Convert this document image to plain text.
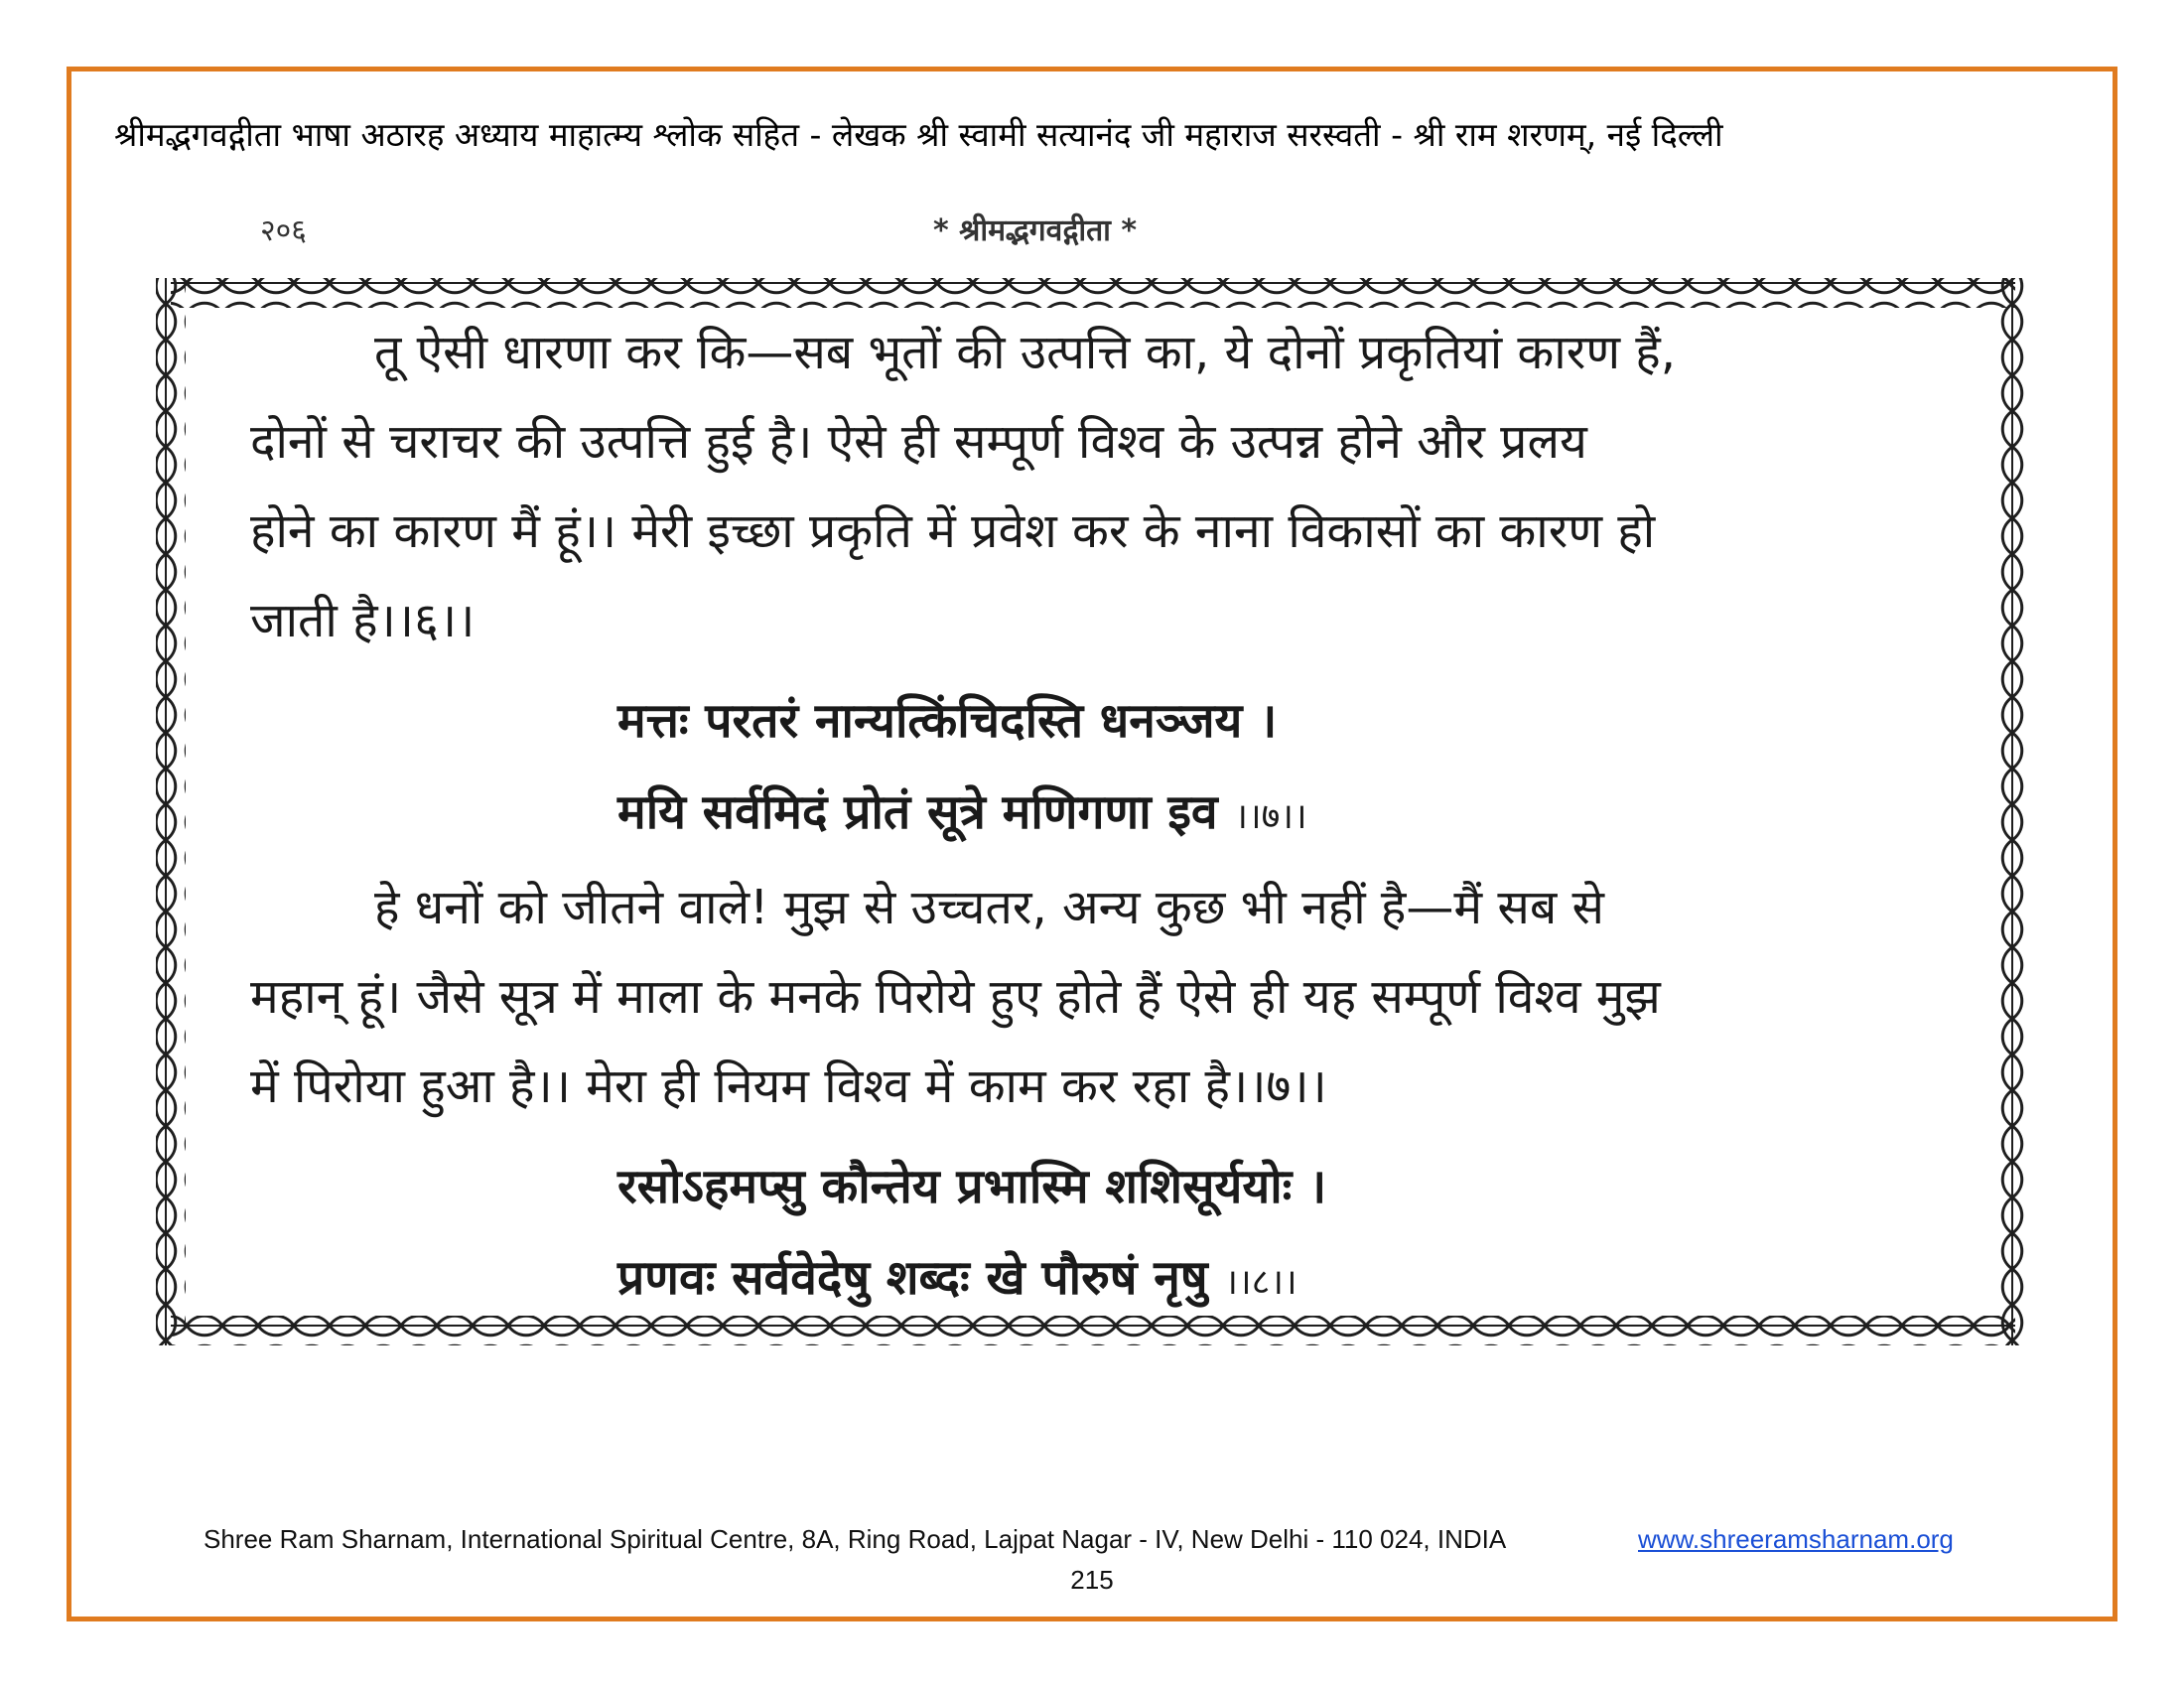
श्रीमद्भगवद्गीता भाषा अठारह अध्याय माहात्म्य श्लोक सहित - लेखक श्री स्वामी सत्यानंद जी महाराज सरस्वती - श्री राम शरणम्, नई दिल्ली
२०६	* श्रीमद्भगवद्गीता *

तू ऐसी धारणा कर कि—सब भूतों की उत्पत्ति का, ये दोनों प्रकृतियां कारण हैं,

दोनों से चराचर की उत्पत्ति हुई है। ऐसे ही सम्पूर्ण विश्व के उत्पन्न होने और प्रलय

होने का कारण मैं हूं।। मेरी इच्छा प्रकृति में प्रवेश कर के नाना विकासों का कारण हो

जाती है।।६।।

मत्तः परतरं नान्यत्किंचिदस्ति धनञ्जय ।
मयि सर्वमिदं प्रोतं सूत्रे मणिगणा इव ।।७।।

हे धनों को जीतने वाले! मुझ से उच्चतर, अन्य कुछ भी नहीं है—मैं सब से

महान् हूं। जैसे सूत्र में माला के मनके पिरोये हुए होते हैं ऐसे ही यह सम्पूर्ण विश्व मुझ

में पिरोया हुआ है।। मेरा ही नियम विश्व में काम कर रहा है।।७।।

रसोऽहमप्सु कौन्तेय प्रभास्मि शशिसूर्ययोः ।
प्रणवः सर्ववेदेषु शब्दः खे पौरुषं नृषु ।।८।।
Shree Ram Sharnam, International Spiritual Centre, 8A, Ring Road, Lajpat Nagar - IV, New Delhi - 110 024, INDIA	www.shreeramsharnam.org
215
